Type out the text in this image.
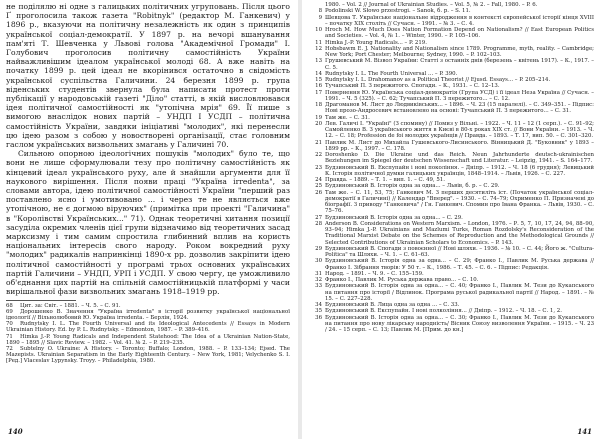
не поділялю ні одне з галицьких політичних угруповань. Після цього Ґ проголосила також газета "Robitnyk" (редактор М. Ганкевич) у 1896 р., вказуючи на політичну незалежність як один з принципів української соціал-демократії. У 1897 р. на вечорі вшанування пам'яті Т. Шевченка у Львові голова "Академічної Громади" І. Голубович проголосив політичну самостійність України найважливішим ідеалом української молоді 68. А вже навіть на початку 1899 р. цей ідеал не вкорінився остаточно в свідомість української суспільства Галичини. 24 березня 1899 р. група віденських студентів звернула була написати протест проти публікації у народовській газеті "Діло" статті, в якій висловлювався ідея політичної самостійності як "утопічна мрія" 69. Її пише з вимогою внаслідок нових партій – УНДП І УСДП – політична самостійність України, завдяки ініціативі "молодих", які перенесли цю ідею разом з собою у новостворені організації, стає головним гаслом українських визвольних змагань у Галичині 70.

Сильною опорною ідеологічних пошуків "молодих" було те, що вони не лише сформулювали тезу про політичну самостійність як кінцевий ідеал українського руху, але й знайшли аргументи для її наукового вирішення. Після появи праці "Україна irredenta", за словами автора, ідею політичної самостійності України "перший раз поставлено ясно і умотивовано ... і через те не являється вже утопічною, не є догмою віруючих" (примітка при проекті "Галичина" в "Королівстві Українських..." 71). Однак теоретичні хитання позиції засуділа окремих членів цієї групи відзначимо від теоретичних засад марксизму і тим самим спростила глибинний вплив на користь національних інтересів свого народу. Роком вокредний руху "молодих" радикалів напринкінці 1890-х рр. дозволив закріпити ідею політичної самостійності у програмі трьох основних українських партій Галичини – УНДП, УРП і УСДП. У свою чергу, це уможливило об'єднання цих партій на спільній самостійницькій платформі у часи вирішальної фази визвольних змагань 1918–1919 рр.

68 Цит. за: Світ. – 1881. – Ч. 5. – С. 91.

69 Дорошенко В. Значення "Україна irredenta" в історії розвитку української національної ідеології // Вільнолюбовий Ю. Україна irredenta. – Берлін, 1924.

70 Rudnytsky I. L. The Fourth Universal and its Ideological Antecedents // Essays in Modern Ukrainian History. Ed. by P. L. Rudnytsky. – Edmonton, 1987. – P. 389–416.

71 Himka J.-P. Young Radicals and Independent Statehood: The Idea of a Ukrainian Nation-State, 1890 – 1895 // Slavic Review. – 1982. – Vol. 41. № 2. – P. 219–235.

72 Subtelny O. Ukraine: A History. – Toronto; Buffalo; London, 1988. – P. 133–134; Ejsed. The Mazepists. Ukrainian Separatism in the Early Eighteenth Century. – New York, 1981; Velychenko S. I. [Ред.] Vlaceslav Lypynsky. Troyy. – Philadelphia, 1980.

140
1980. – Vol. 2 // Journal of Ukrainian Studies. – Vol. 5, № 2. – Fall, 1980. – P. 6.
8 Podolinski W. Słowo przestrogi. – Sanok, б. р. – S. 11.
9 Шевцова Т. Українське національне відродження в контексті європейської історії кінця XVIII – початку XIX століть // Сучасн. – 1991. – № 3. – С. 4.
10 Hroch M. How Much Does Nation Formation Depend on Nationalism? // East European Politics and Societies. – Vol. 4, № 1. – Winter, 1990. – P. 105–106.
11 Himka J.-P. Young Radicals... – P. 219.
12 Hobsbawm E. J. Nationality and Nationalism since 1789. Programme, myth, reality. – Cambridge; New York; Port Chester; Melbourne; Sydney, 1990. – P. 102–103.
13 Грушевський М. Візвол України: Статті з останніх днів (березень – квітень 1917). – К., 1917. – С. 5.
14 Rudnytsky I. L. The Fourth Universal ... – P. 390.
15 Rudnytsky I. L. Drahomanov as a Political Theorist // Ejusd. Essays... – P. 205–214.
16 Тучапський П. З пережитого. Спогади. – К., 1931. – С. 12–13.
17 Повернення Ю. Українська соціал-демократія (Група УСД) і її ідеал Неза Україна // Сучасн. – 1991. – Ч. 5 (325). – С. 62; Тучапський П. З пережитого... – С. 12.
18 Драгоманов М. Лист до Людвиківських... – 1896. – Ч. 23 (15 паралелі). – С. 349–351. – Підпис: Нові прозо-Андросевич встановлено на основі: Тучапський П. З пережитого... – С. 31.
19 Там же. – С. 31.
20 Лев. Галичі І. "Україні" (З спомину) // Помиз у Вільні. – 1922. – Ч. 11 – 12 (1 серп.). – С. 91–92; Самойленко В. З українського життя в Києві в 80-х роках XIX ст. // Вони України. – 1913. – Ч. 12. – С. 18; Profession de foi молодих українців // Правда. – 1893. – Т. 17, вип. 50. – С. 301–320.
21 Павлик М. Лист до Михайла Гушевського-Лисинського. Вінницький Д. "Буковник" у 1893 – 1899 рр. – К., 1997. – С. 178.
22 Doroshenko D. Die Ukraine und das Reich. Neun Jahrhunderte deutsch-ukrainischen Beziehungen im Spiegel der deutschen Wissenschaft und Literatur. – Leipzig, 1941. – S. 164–177.
23 Будзиновський В. Експупайн і нові покоління. – Дніпр. – 1912. – Ч. 18 (6 грудня); Левицький К. Історія політичної думки галицьких українців, 1848–1914. – Львів, 1926. – С. 227.
24 Правда. – 1889. – Т. 1. – вип. 1. – С. 49, 51.
25 Будзиновський В. Історія одна за одна... – Львів, б. р. – С. 29.
26 Там же. – С. 11, 53, 75; Ганкевич М. З перших десятиліть іст. (Початок української соціал-демократії в Галичині) // Календар "Вперед". – 1930. – С. 74–79; Охрименко П. Призначені до біографії. З приводу "Ганкевича" / Гн. Ганкевич. Спомин про Івана Франка. – Львів, 1930. – С. 75–76.
27 Будзиновський В. Історія одна за одна... – С. 29.
28 Anderson B. Considerations on Western Marxism. – London, 1976. – Р. 5, 7, 10, 17, 24, 94, 88–90, 93–94; Himka J.-P. Ukrainians and Mazlumi Turks, Roman Rozdolsky's Reconsideration of the Traditional Marxist Debate on the Schemes of Reproduction and the Methodological Grounds // Selected Contributions of Ukrainian Scholars to Economics. – P. 143.
29 Будзиновський В. Спогади з повоєнної // Нові шляхи. – 1936. – № 10. – С. 44; Його ж. "Cultura-Politica" та Шляхи. – Ч. 1. – С. 61–63.
30 Будзиновський В. Історія одна за одна... – С. 29; Франко І., Павлик М. Руська держава // Франко І. Зібрання творів: У 50 т. – К., 1986. – Т. 45. – С. 6. – Підпис: Редакція.
31 Народ. – 1891. – Ч. 9. – С. 155–159.
32 Франко І., Павлик М. Руська держава право... – С. 10.
33 Будзиновський В. Історія одна за одна... – С. 40; Франко І., Павлик М. Тези до Кукапського на питання про історії / Відлинок. Програма руської радикальної партії // Народ. – 1891. – № 15. – С. 227–228.
34 Будзиновський В. Лица одна за одна ... – С. 33.
35 Будзиновський В. Експупайн. І нові полкоління... // Дніпр. – 1912. – Ч. 18. – С. 1, 2.
36 Будзиновський В. Історія одна за одна... – С. 30; Франко І., Павлик М. Тези до Кукапського на питання про нову лікарську народність/ Вісник Союзу визволення України. – 1915. – Ч. 23 / 24. – 15 серп. – С. 13; Павлик М. [Прим. до кн.]
141
